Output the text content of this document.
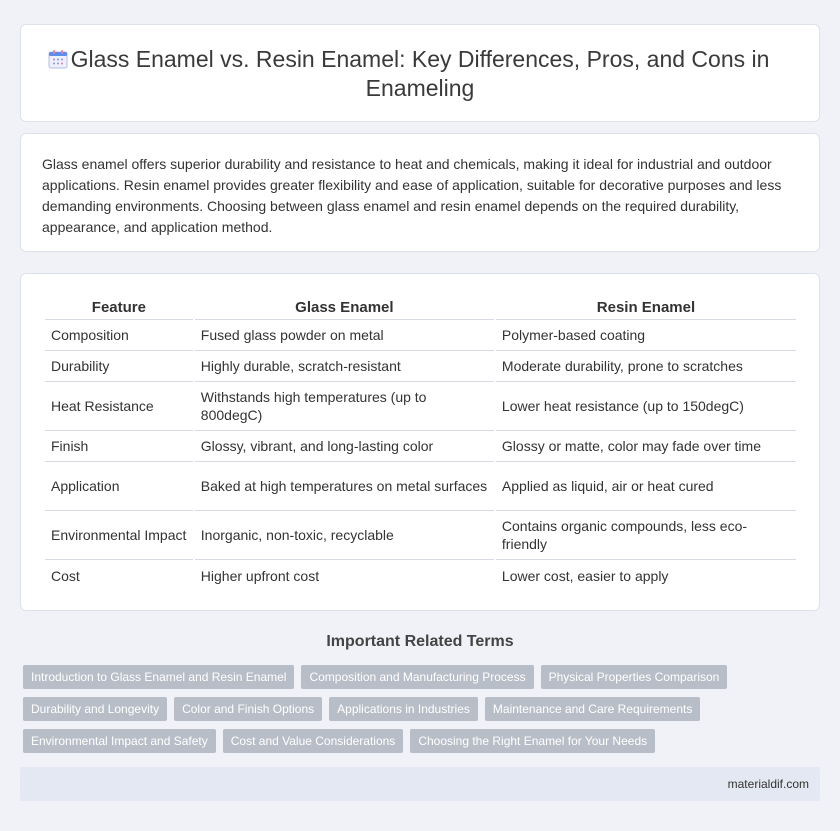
Glass Enamel vs. Resin Enamel: Key Differences, Pros, and Cons in Enameling

Glass enamel offers superior durability and resistance to heat and chemicals, making it ideal for industrial and outdoor applications. Resin enamel provides greater flexibility and ease of application, suitable for decorative purposes and less demanding environments. Choosing between glass enamel and resin enamel depends on the required durability, appearance, and application method.

Feature	Glass Enamel	Resin Enamel
Composition	Fused glass powder on metal	Polymer-based coating
Durability	Highly durable, scratch-resistant	Moderate durability, prone to scratches
Heat Resistance	Withstands high temperatures (up to 800degC)	Lower heat resistance (up to 150degC)
Finish	Glossy, vibrant, and long-lasting color	Glossy or matte, color may fade over time
Application	Baked at high temperatures on metal surfaces	Applied as liquid, air or heat cured
Environmental Impact	Inorganic, non-toxic, recyclable	Contains organic compounds, less eco-friendly
Cost	Higher upfront cost	Lower cost, easier to apply
Important Related Terms
Introduction to Glass Enamel and Resin Enamel	Composition and Manufacturing Process	Physical Properties Comparison
Durability and Longevity	Color and Finish Options	Applications in Industries	Maintenance and Care Requirements
Environmental Impact and Safety	Cost and Value Considerations	Choosing the Right Enamel for Your Needs
materialdif.com
